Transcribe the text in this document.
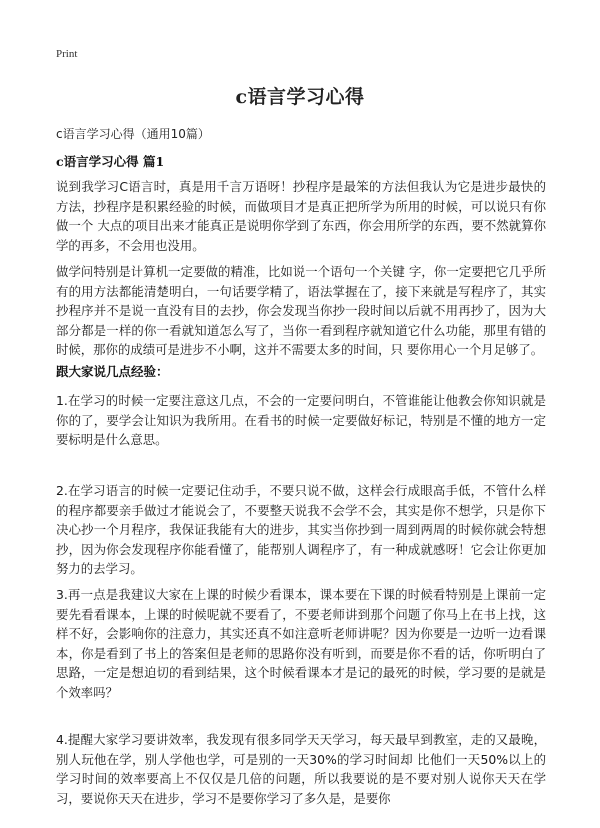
Print
c语言学习心得
c语言学习心得（通用10篇）
c语言学习心得 篇1

说到我学习C语言时，真是用千言万语呀！抄程序是最笨的方法但我认为它是进步最快的方法，抄程序是积累经验的时候，而做项目才是真正把所学为所用的时候，可以说只有你做一个 大点的项目出来才能真正是说明你学到了东西，你会用所学的东西，要不然就算你学的再多，不会用也没用。

做学问特别是计算机一定要做的精准，比如说一个语句一个关键 字，你一定要把它几乎所有的用方法都能清楚明白，一句话要学精了，语法掌握在了，接下来就是写程序了，其实抄程序并不是说一直没有目的去抄，你会发现当你抄一段时间以后就不用再抄了，因为大部分都是一样的你一看就知道怎么写了，当你一看到程序就知道它什么功能，那里有错的时候，那你的成绩可是进步不小啊，这并不需要太多的时间，只 要你用心一个月足够了。

跟大家说几点经验：

1.在学习的时候一定要注意这几点，不会的一定要问明白，不管谁能让他教会你知识就是你的了，要学会让知识为我所用。在看书的时候一定要做好标记，特别是不懂的地方一定要标明是什么意思。

2.在学习语言的时候一定要记住动手，不要只说不做，这样会行成眼高手低，不管什么样的程序都要亲手做过才能说会了，不要整天说我不会学不会，其实是你不想学，只是你下决心抄一个月程序，我保证我能有大的进步，其实当你抄到一周到两周的时候你就会特想抄，因为你会发现程序你能看懂了，能帮别人调程序了，有一种成就感呀！它会让你更加努力的去学习。

3.再一点是我建议大家在上课的时候少看课本，课本要在下课的时候看特别是上课前一定要先看看课本，上课的时候呢就不要看了，不要老师讲到那个问题了你马上在书上找，这样不好，会影响你的注意力，其实还真不如注意听老师讲呢？因为你要是一边听一边看课本，你是看到了书上的答案但是老师的思路你没有听到，而要是你不看的话，你听明白了思路，一定是想迫切的看到结果，这个时候看课本才是记的最死的时候，学习要的是就是个效率吗？

4.提醒大家学习要讲效率，我发现有很多同学天天学习，每天最早到教室，走的又最晚，别人玩他在学，别人学他也学，可是别的一天30%的学习时间却 比他们一天50%以上的学习时间的效率要高上不仅仅是几倍的问题，所以我要说的是不要对别人说你天天在学习，要说你天天在进步，学习不是要你学习了多久是，是要你
